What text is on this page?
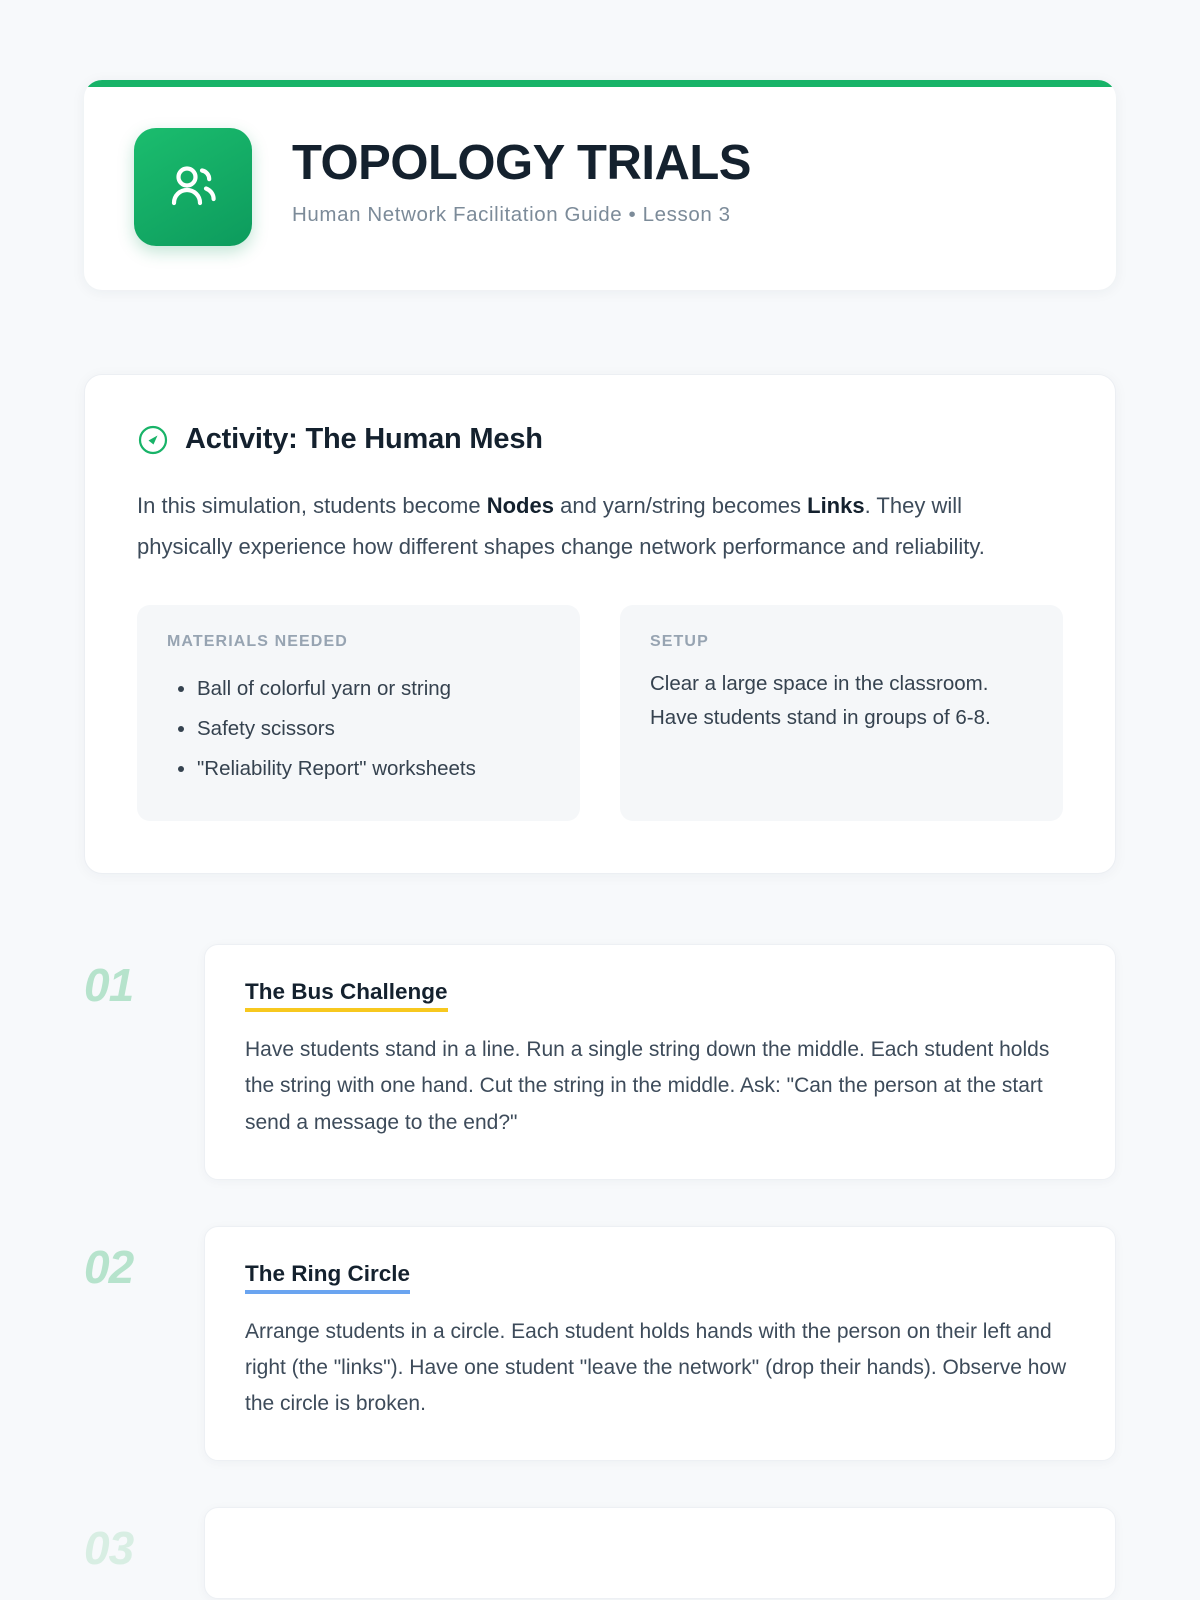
TOPOLOGY TRIALS
Human Network Facilitation Guide • Lesson 3
Activity: The Human Mesh

In this simulation, students become Nodes and yarn/string becomes Links. They will physically experience how different shapes change network performance and reliability.

MATERIALS NEEDED
• Ball of colorful yarn or string
• Safety scissors
• "Reliability Report" worksheets
SETUP
Clear a large space in the classroom. Have students stand in groups of 6-8.
01	The Bus Challenge
Have students stand in a line. Run a single string down the middle. Each student holds the string with one hand. Cut the string in the middle. Ask: "Can the person at the start send a message to the end?"
02	The Ring Circle
Arrange students in a circle. Each student holds hands with the person on their left and right (the "links"). Have one student "leave the network" (drop their hands). Observe how the circle is broken.
03
